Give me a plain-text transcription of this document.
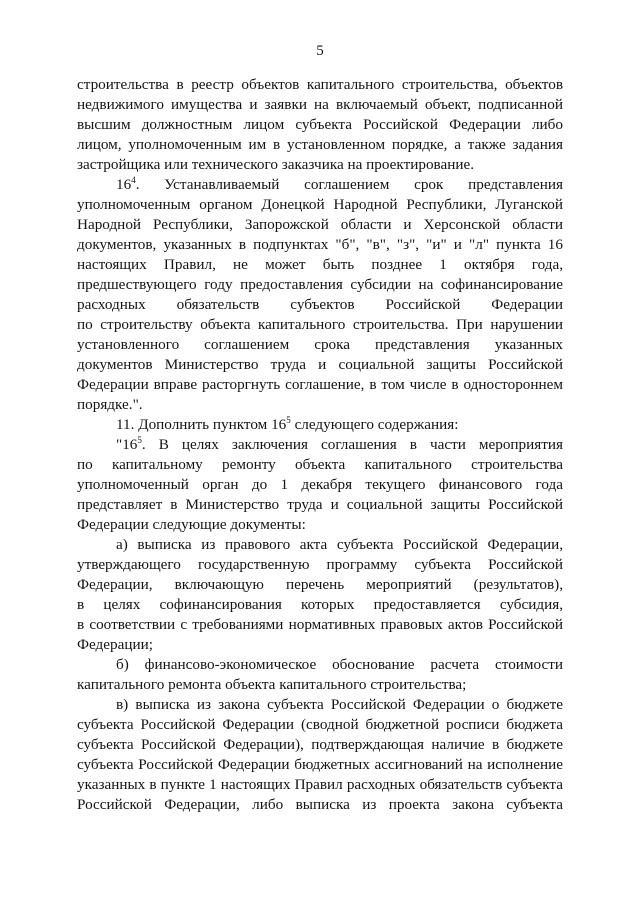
5
строительства в реестр объектов капитального строительства, объектов
недвижимого имущества и заявки на включаемый объект, подписанной
высшим должностным лицом субъекта Российской Федерации либо
лицом, уполномоченным им в установленном порядке, а также задания
застройщика или технического заказчика на проектирование.
$16^4$. Устанавливаемый соглашением срок представления
уполномоченным органом Донецкой Народной Республики, Луганской
Народной Республики, Запорожской области и Херсонской области
документов, указанных в подпунктах "б", "в", "з", "и" и "л" пункта 16
настоящих Правил, не может быть позднее 1 октября года,
предшествующего году предоставления субсидии на софинансирование
расходных обязательств субъектов Российской Федерации
по строительству объекта капитального строительства. При нарушении
установленного соглашением срока представления указанных
документов Министерство труда и социальной защиты Российской
Федерации вправе расторгнуть соглашение, в том числе в одностороннем
порядке.".
11. Дополнить пунктом $16^5$ следующего содержания:
"$16^5$. В целях заключения соглашения в части мероприятия
по капитальному ремонту объекта капитального строительства
уполномоченный орган до 1 декабря текущего финансового года
представляет в Министерство труда и социальной защиты Российской
Федерации следующие документы:
а) выписка из правового акта субъекта Российской Федерации,
утверждающего государственную программу субъекта Российской
Федерации, включающую перечень мероприятий (результатов),
в целях софинансирования которых предоставляется субсидия,
в соответствии с требованиями нормативных правовых актов Российской
Федерации;
б) финансово-экономическое обоснование расчета стоимости
капитального ремонта объекта капитального строительства;
в) выписка из закона субъекта Российской Федерации о бюджете
субъекта Российской Федерации (сводной бюджетной росписи бюджета
субъекта Российской Федерации), подтверждающая наличие в бюджете
субъекта Российской Федерации бюджетных ассигнований на исполнение
указанных в пункте 1 настоящих Правил расходных обязательств субъекта
Российской Федерации, либо выписка из проекта закона субъекта
